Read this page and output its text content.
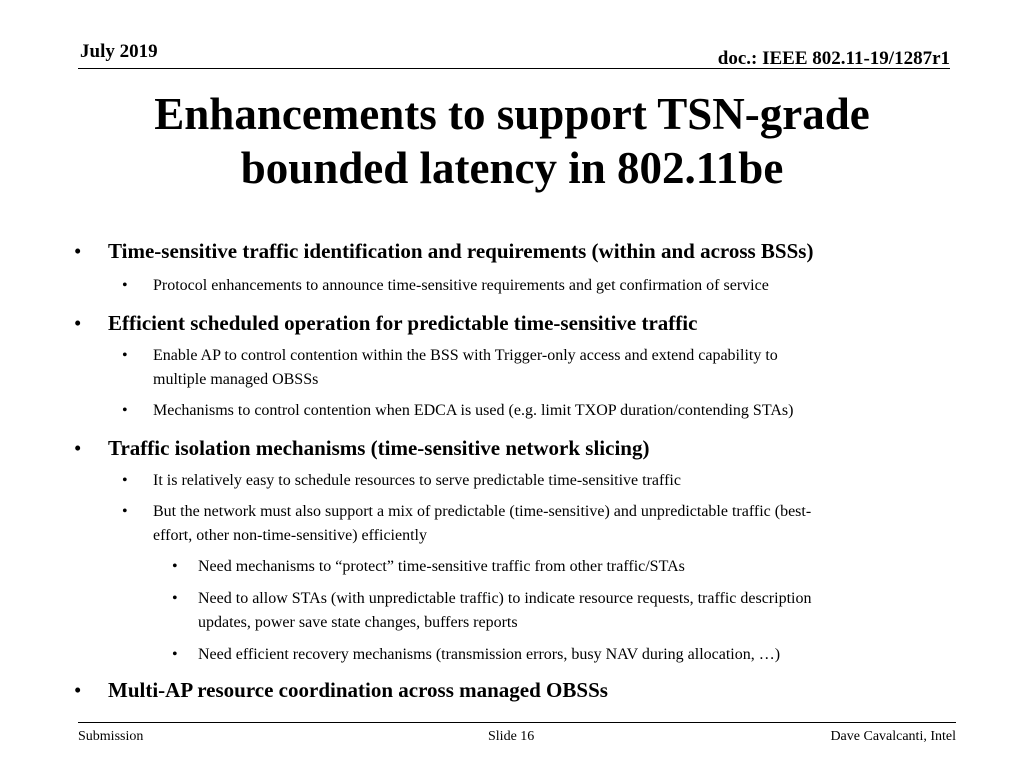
July 2019	doc.: IEEE 802.11-19/1287r1
Enhancements to support TSN-grade
bounded latency in 802.11be
• Time-sensitive traffic identification and requirements (within and across BSSs)
• Protocol enhancements to announce time-sensitive requirements and get confirmation of service
• Efficient scheduled operation for predictable time-sensitive traffic
• Enable AP to control contention within the BSS with Trigger-only access and extend capability to
multiple managed OBSSs
• Mechanisms to control contention when EDCA is used (e.g. limit TXOP duration/contending STAs)
• Traffic isolation mechanisms (time-sensitive network slicing)
• It is relatively easy to schedule resources to serve predictable time-sensitive traffic
• But the network must also support a mix of predictable (time-sensitive) and unpredictable traffic (best-
effort, other non-time-sensitive) efficiently
• Need mechanisms to “protect” time-sensitive traffic from other traffic/STAs
• Need to allow STAs (with unpredictable traffic) to indicate resource requests, traffic description
updates, power save state changes, buffers reports
• Need efficient recovery mechanisms (transmission errors, busy NAV during allocation, …)
• Multi-AP resource coordination across managed OBSSs
Submission	Slide 16	Dave Cavalcanti, Intel
